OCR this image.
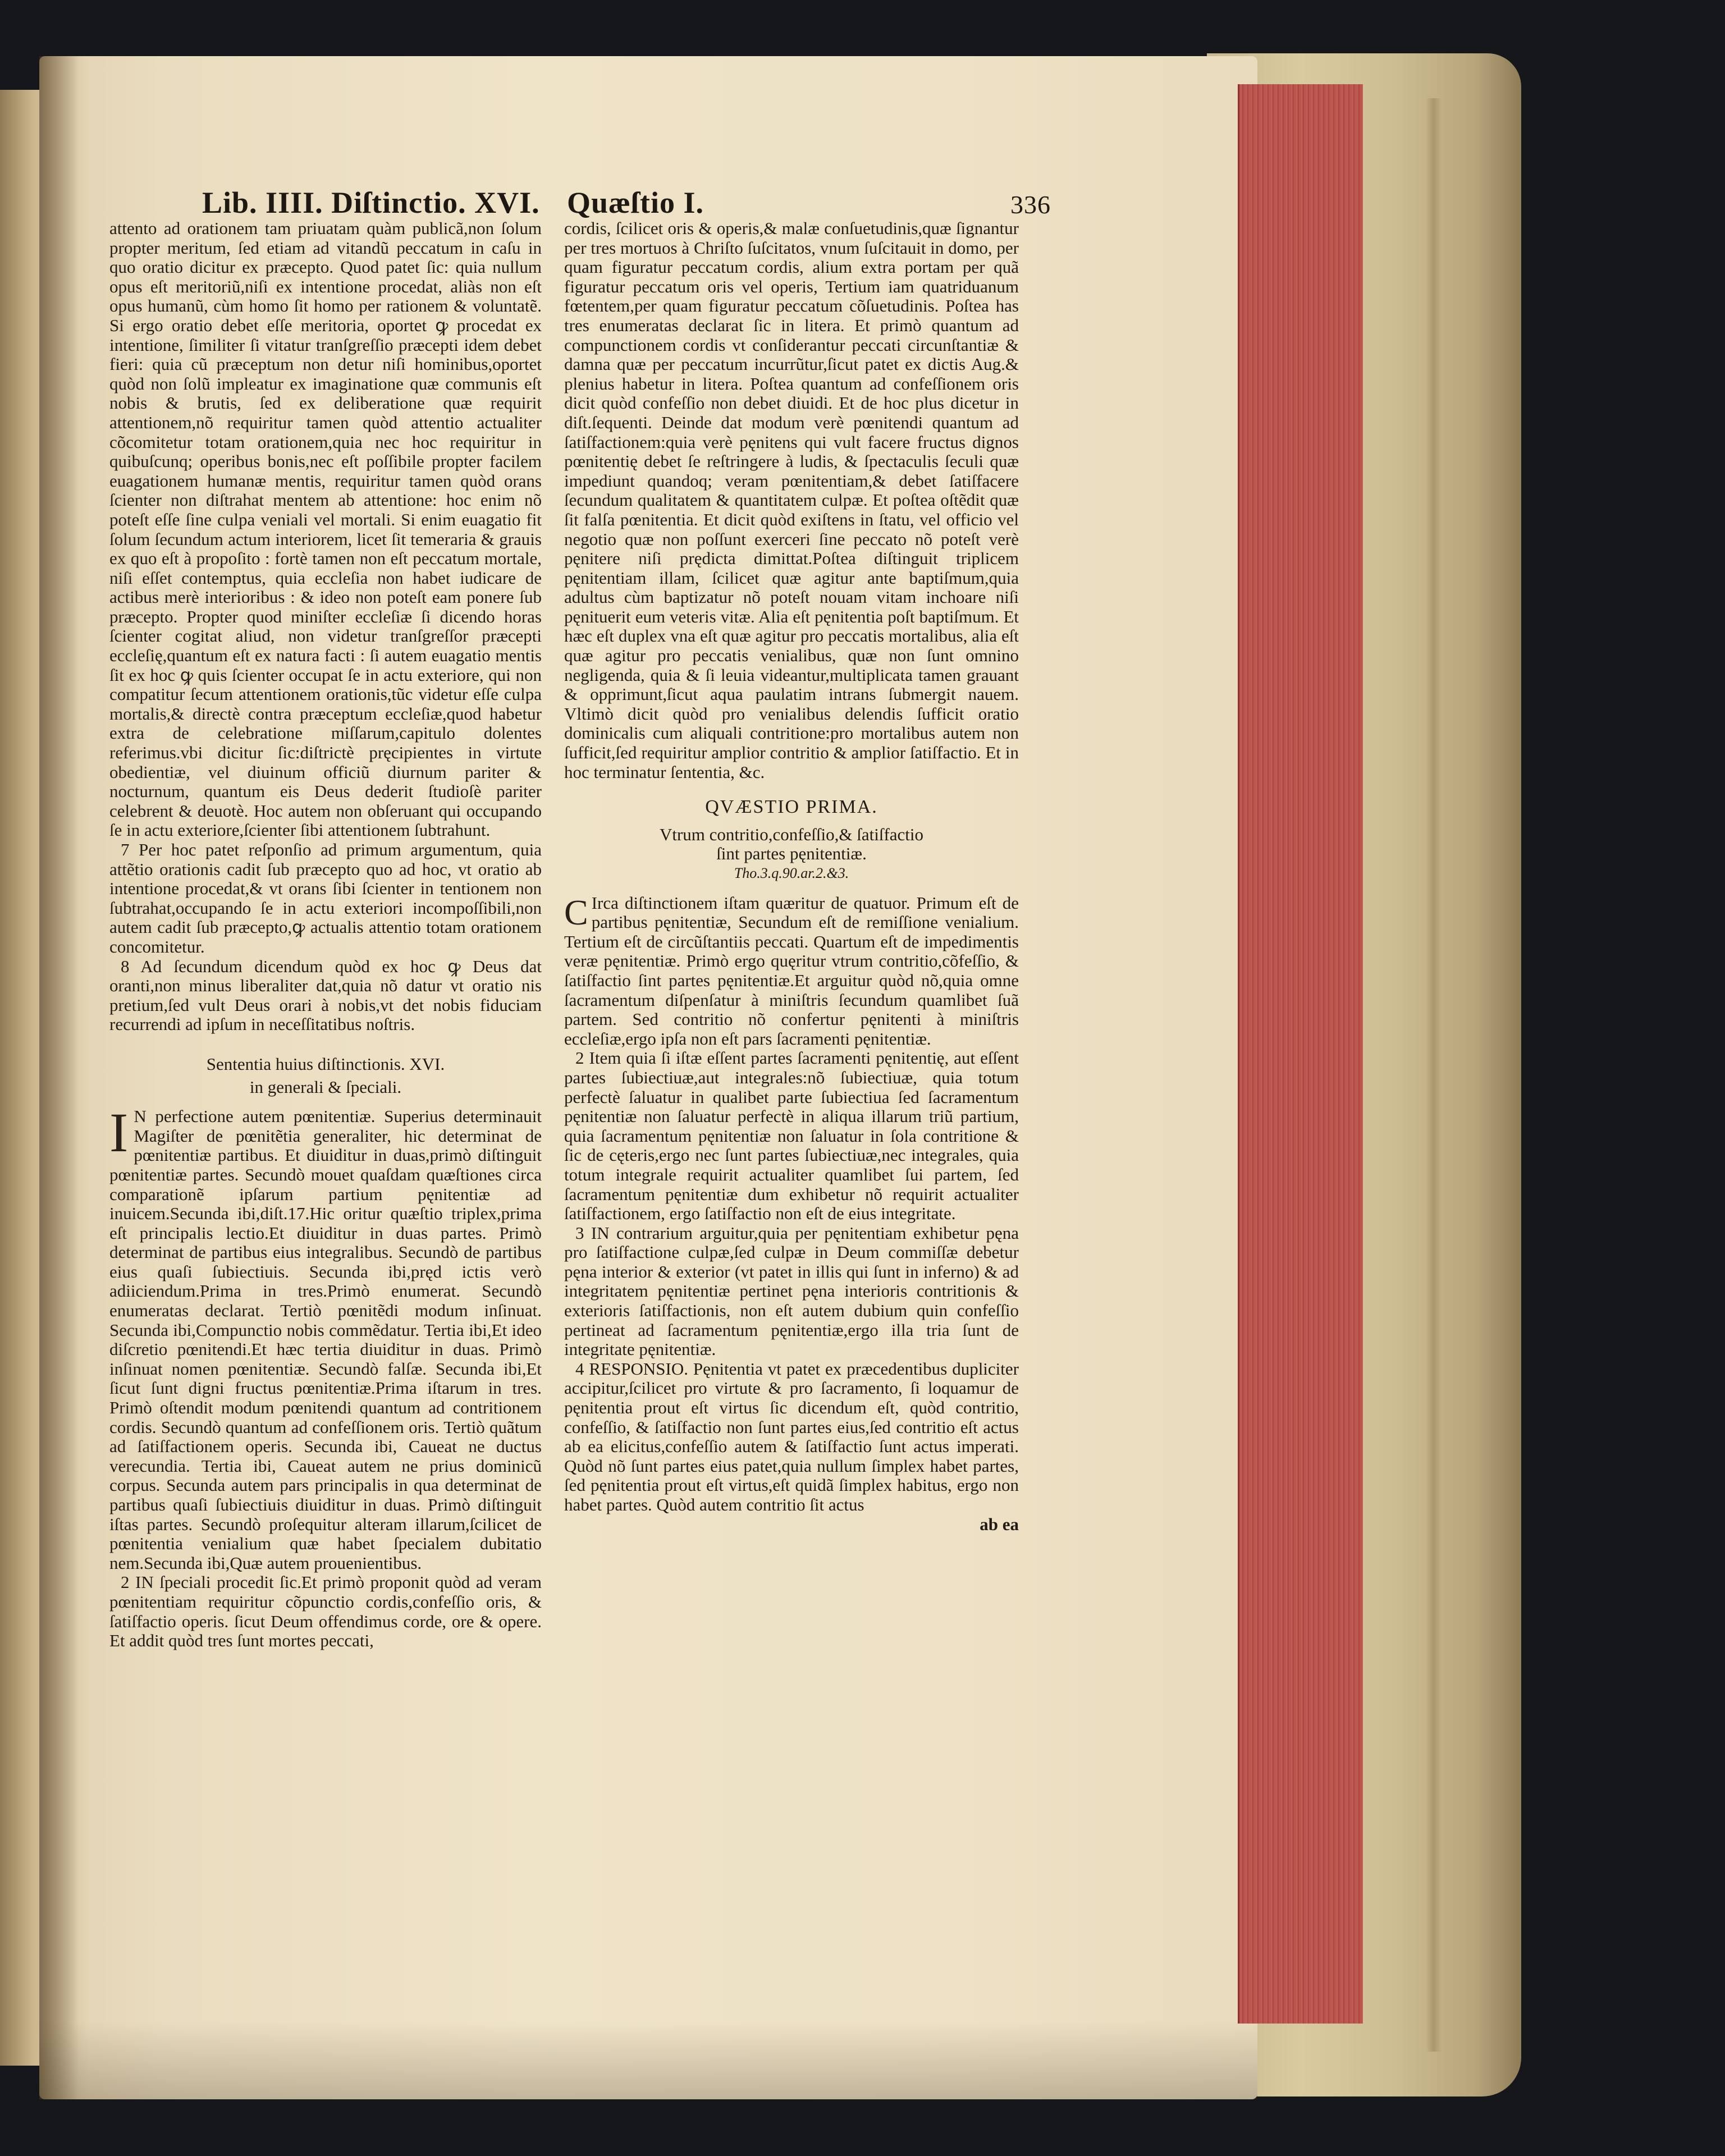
Lib. IIII. Diſtinctio. XVI. Quæſtio I.	336

attento ad orationem tam priuatam quàm publicã,non ſolum propter meritum, ſed etiam ad vitandũ peccatum in caſu in quo oratio dicitur ex præcepto. Quod patet ſic: quia nullum opus eſt meritoriũ,niſi ex intentione procedat, aliàs non eſt opus humanũ, cùm homo ſit homo per rationem & voluntatẽ. Si ergo oratio debet eſſe meritoria, oportet ꝙ procedat ex intentione, ſimiliter ſi vitatur tranſgreſſio præcepti idem debet fieri: quia cũ præceptum non detur niſi hominibus,oportet quòd non ſolũ impleatur ex imaginatione quæ communis eſt nobis & brutis, ſed ex deliberatione quæ requirit attentionem,nõ requiritur tamen quòd attentio actualiter cõcomitetur totam orationem,quia nec hoc requiritur in quibuſcunq; operibus bonis,nec eſt poſſibile propter facilem euagationem humanæ mentis, requiritur tamen quòd orans ſcienter non diſtrahat mentem ab attentione: hoc enim nõ poteſt eſſe ſine culpa veniali vel mortali. Si enim euagatio fit ſolum ſecundum actum interiorem, licet ſit temeraria & grauis ex quo eſt à propoſito : fortè tamen non eſt peccatum mortale, niſi eſſet contemptus, quia eccleſia non habet iudicare de actibus merè interioribus : & ideo non poteſt eam ponere ſub præcepto. Propter quod miniſter eccleſiæ ſi dicendo horas ſcienter cogitat aliud, non videtur tranſgreſſor præcepti eccleſię,quantum eſt ex natura facti : ſi autem euagatio mentis ſit ex hoc ꝙ quis ſcienter occupat ſe in actu exteriore, qui non compatitur ſecum attentionem orationis,tũc videtur eſſe culpa mortalis,& directè contra præceptum eccleſiæ,quod habetur extra de celebratione miſſarum,capitulo dolentes referimus.vbi dicitur ſic:diſtrictè pręcipientes in virtute obedientiæ, vel diuinum officiũ diurnum pariter & nocturnum, quantum eis Deus dederit ſtudioſè pariter celebrent & deuotè. Hoc autem non obſeruant qui occupando ſe in actu exteriore,ſcienter ſibi attentionem ſubtrahunt.

7 Per hoc patet reſponſio ad primum argumentum, quia attẽtio orationis cadit ſub præcepto quo ad hoc, vt oratio ab intentione procedat,& vt orans ſibi ſcienter in tentionem non ſubtrahat,occupando ſe in actu exteriori incompoſſibili,non autem cadit ſub præcepto,ꝙ actualis attentio totam orationem concomitetur.

8 Ad ſecundum dicendum quòd ex hoc ꝙ Deus dat oranti,non minus liberaliter dat,quia nõ datur vt oratio nis pretium,ſed vult Deus orari à nobis,vt det nobis fiduciam recurrendi ad ipſum in neceſſitatibus noſtris.

Sententia huius diſtinctionis. XVI.

in generali & ſpeciali.

I N perfectione autem pœnitentiæ. Superius determinauit Magiſter de pœnitẽtia generaliter, hic determinat de pœnitentiæ partibus. Et diuiditur in duas,primò diſtinguit pœnitentiæ partes. Secundò mouet quaſdam quæſtiones circa comparationẽ ipſarum partium pęnitentiæ ad inuicem.Secunda ibi,diſt.17.Hic oritur quæſtio triplex,prima eſt principalis lectio.Et diuiditur in duas partes. Primò determinat de partibus eius integralibus. Secundò de partibus eius quaſi ſubiectiuis. Secunda ibi,pręd ictis verò adiiciendum.Prima in tres.Primò enumerat. Secundò enumeratas declarat. Tertiò pœnitẽdi modum inſinuat. Secunda ibi,Compunctio nobis commẽdatur. Tertia ibi,Et ideo diſcretio pœnitendi.Et hæc tertia diuiditur in duas. Primò inſinuat nomen pœnitentiæ. Secundò falſæ. Secunda ibi,Et ſicut ſunt digni fructus pœnitentiæ.Prima iſtarum in tres. Primò oſtendit modum pœnitendi quantum ad contritionem cordis. Secundò quantum ad confeſſionem oris. Tertiò quãtum ad ſatiſfactionem operis. Secunda ibi, Caueat ne ductus verecundia. Tertia ibi, Caueat autem ne prius dominicũ corpus. Secunda autem pars principalis in qua determinat de partibus quaſi ſubiectiuis diuiditur in duas. Primò diſtinguit iſtas partes. Secundò proſequitur alteram illarum,ſcilicet de pœnitentia venialium quæ habet ſpecialem dubitatio nem.Secunda ibi,Quæ autem prouenientibus.

2 IN ſpeciali procedit ſic.Et primò proponit quòd ad veram pœnitentiam requiritur cõpunctio cordis,confeſſio oris, & ſatiſfactio operis. ſicut Deum offendimus corde, ore & opere. Et addit quòd tres ſunt mortes peccati,

cordis, ſcilicet oris & operis,& malæ conſuetudinis,quæ ſignantur per tres mortuos à Chriſto ſuſcitatos, vnum ſuſcitauit in domo, per quam figuratur peccatum cordis, alium extra portam per quã figuratur peccatum oris vel operis, Tertium iam quatriduanum fœtentem,per quam figuratur peccatum cõſuetudinis. Poſtea has tres enumeratas declarat ſic in litera. Et primò quantum ad compunctionem cordis vt conſiderantur peccati circunſtantiæ & damna quæ per peccatum incurrũtur,ſicut patet ex dictis Aug.& plenius habetur in litera. Poſtea quantum ad confeſſionem oris dicit quòd confeſſio non debet diuidi. Et de hoc plus dicetur in diſt.ſequenti. Deinde dat modum verè pœnitendi quantum ad ſatiſfactionem:quia verè pęnitens qui vult facere fructus dignos pœnitentię debet ſe reſtringere à ludis, & ſpectaculis ſeculi quæ impediunt quandoq; veram pœnitentiam,& debet ſatiſfacere ſecundum qualitatem & quantitatem culpæ. Et poſtea oſtẽdit quæ ſit falſa pœnitentia. Et dicit quòd exiſtens in ſtatu, vel officio vel negotio quæ non poſſunt exerceri ſine peccato nõ poteſt verè pęnitere niſi prędicta dimittat.Poſtea diſtinguit triplicem pęnitentiam illam, ſcilicet quæ agitur ante baptiſmum,quia adultus cùm baptizatur nõ poteſt nouam vitam inchoare niſi pęnituerit eum veteris vitæ. Alia eſt pęnitentia poſt baptiſmum. Et hæc eſt duplex vna eſt quæ agitur pro peccatis mortalibus, alia eſt quæ agitur pro peccatis venialibus, quæ non ſunt omnino negligenda, quia & ſi leuia videantur,multiplicata tamen grauant & opprimunt,ſicut aqua paulatim intrans ſubmergit nauem. Vltimò dicit quòd pro venialibus delendis ſufficit oratio dominicalis cum aliquali contritione:pro mortalibus autem non ſufficit,ſed requiritur amplior contritio & amplior ſatiſfactio. Et in hoc terminatur ſententia, &c.

QVÆSTIO PRIMA.

Vtrum contritio,confeſſio,& ſatiſfactio

ſint partes pęnitentiæ.

Tho.3.q.90.ar.2.&3.

C Irca diſtinctionem iſtam quæritur de quatuor. Primum eſt de partibus pęnitentiæ, Secundum eſt de remiſſione venialium. Tertium eſt de circũſtantiis peccati. Quartum eſt de impedimentis veræ pęnitentiæ. Primò ergo quęritur vtrum contritio,cõfeſſio, & ſatiſfactio ſint partes pęnitentiæ.Et arguitur quòd nõ,quia omne ſacramentum diſpenſatur à miniſtris ſecundum quamlibet ſuã partem. Sed contritio nõ confertur pęnitenti à miniſtris eccleſiæ,ergo ipſa non eſt pars ſacramenti pęnitentiæ.

2 Item quia ſi iſtæ eſſent partes ſacramenti pęnitentię, aut eſſent partes ſubiectiuæ,aut integrales:nõ ſubiectiuæ, quia totum perfectè ſaluatur in qualibet parte ſubiectiua ſed ſacramentum pęnitentiæ non ſaluatur perfectè in aliqua illarum triũ partium, quia ſacramentum pęnitentiæ non ſaluatur in ſola contritione & ſic de cęteris,ergo nec ſunt partes ſubiectiuæ,nec integrales, quia totum integrale requirit actualiter quamlibet ſui partem, ſed ſacramentum pęnitentiæ dum exhibetur nõ requirit actualiter ſatiſfactionem, ergo ſatiſfactio non eſt de eius integritate.

3 IN contrarium arguitur,quia per pęnitentiam exhibetur pęna pro ſatiſfactione culpæ,ſed culpæ in Deum commiſſæ debetur pęna interior & exterior (vt patet in illis qui ſunt in inferno) & ad integritatem pęnitentiæ pertinet pęna interioris contritionis & exterioris ſatiſfactionis, non eſt autem dubium quin confeſſio pertineat ad ſacramentum pęnitentiæ,ergo illa tria ſunt de integritate pęnitentiæ.

4 RESPONSIO. Pęnitentia vt patet ex præcedentibus dupliciter accipitur,ſcilicet pro virtute & pro ſacramento, ſi loquamur de pęnitentia prout eſt virtus ſic dicendum eſt, quòd contritio, confeſſio, & ſatiſfactio non ſunt partes eius,ſed contritio eſt actus ab ea elicitus,confeſſio autem & ſatiſfactio ſunt actus imperati. Quòd nõ ſunt partes eius patet,quia nullum ſimplex habet partes, ſed pęnitentia prout eſt virtus,eſt quidã ſimplex habitus, ergo non habet partes. Quòd autem contritio ſit actus

ab ea
